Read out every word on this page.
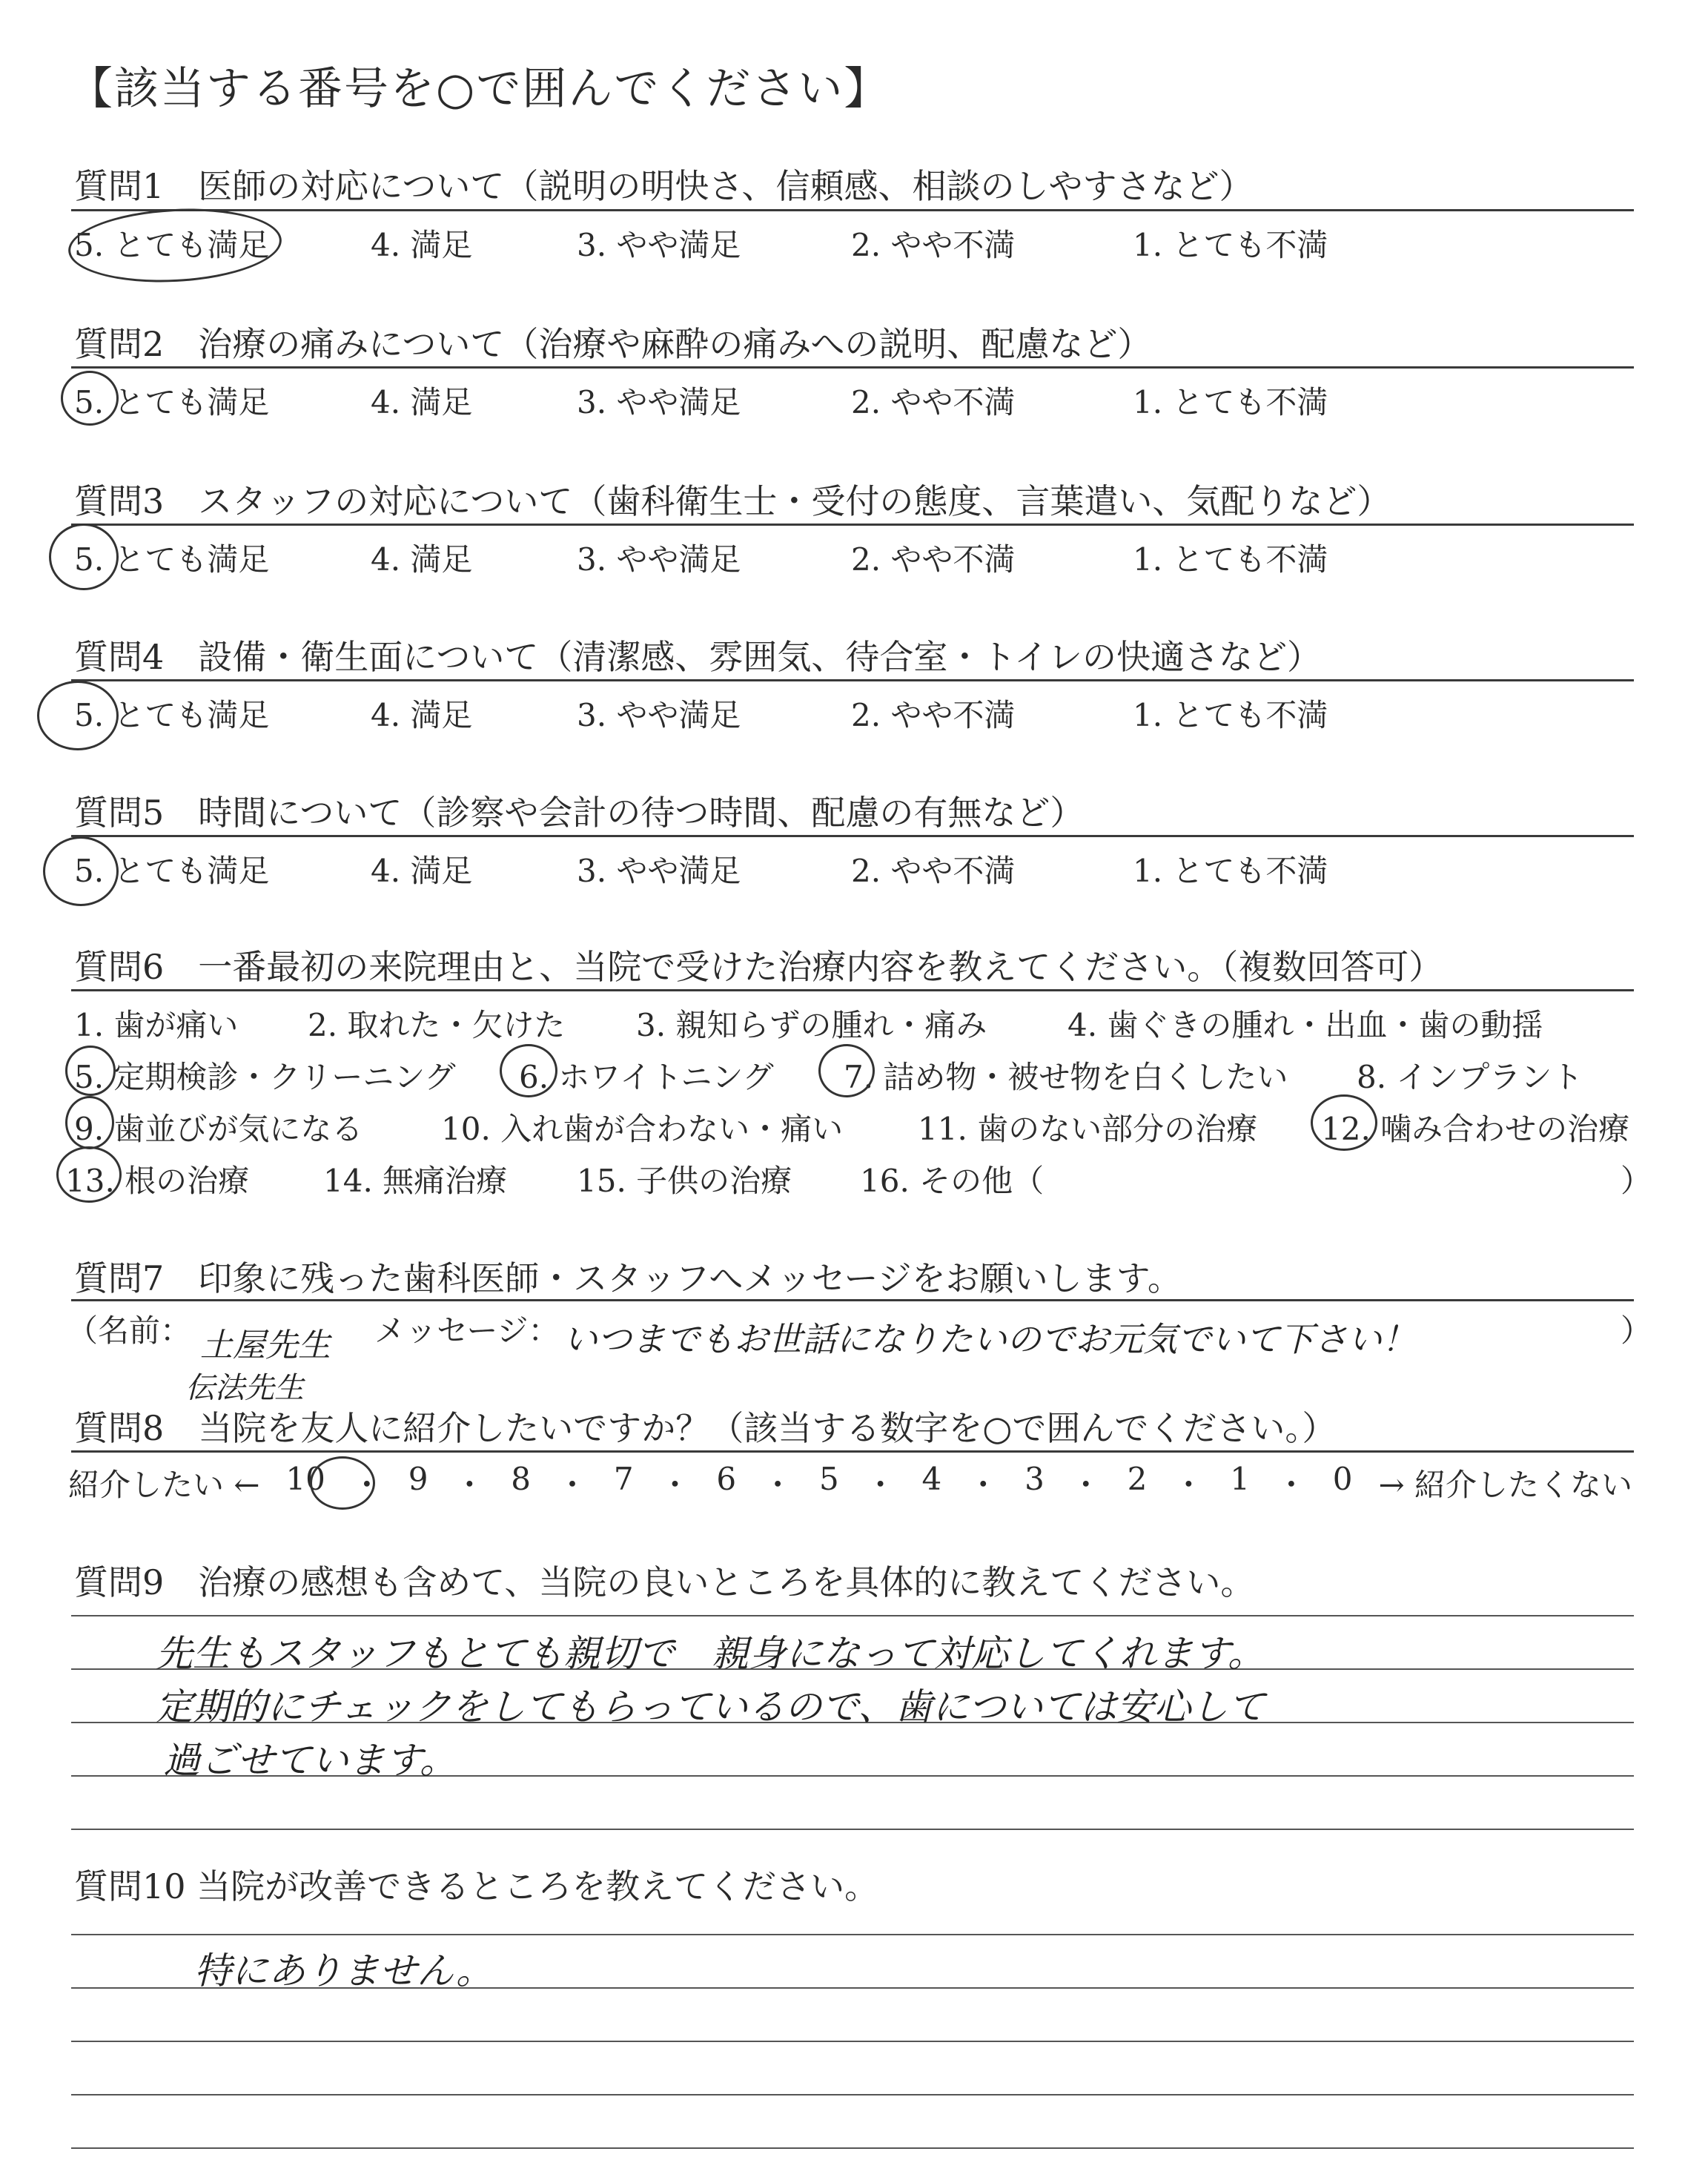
【該当する番号を○で囲んでください】
質問1　医師の対応について（説明の明快さ、信頼感、相談のしやすさなど）
5. とても満足	4. 満足	3. やや満足	2. やや不満	1. とても不満
質問2　治療の痛みについて（治療や麻酔の痛みへの説明、配慮など）
5. とても満足	4. 満足	3. やや満足	2. やや不満	1. とても不満
質問3　スタッフの対応について（歯科衛生士・受付の態度、言葉遣い、気配りなど）
5. とても満足	4. 満足	3. やや満足	2. やや不満	1. とても不満
質問4　設備・衛生面について（清潔感、雰囲気、待合室・トイレの快適さなど）
5. とても満足	4. 満足	3. やや満足	2. やや不満	1. とても不満
質問5　時間について（診察や会計の待つ時間、配慮の有無など）
5. とても満足	4. 満足	3. やや満足	2. やや不満	1. とても不満
質問6　一番最初の来院理由と、当院で受けた治療内容を教えてください。（複数回答可）
1. 歯が痛い 2. 取れた・欠けた 3. 親知らずの腫れ・痛み	4. 歯ぐきの腫れ・出血・歯の動揺
5. 定期検診・クリーニング 6. ホワイトニング 7. 詰め物・被せ物を白くしたい 8. インプラント
9. 歯並びが気になる	10. 入れ歯が合わない・痛い 11. 歯のない部分の治療 12. 噛み合わせの治療
13. 根の治療 14. 無痛治療 15. 子供の治療 16. その他（	）
質問7　印象に残った歯科医師・スタッフへメッセージをお願いします。
（名前：	メッセージ：	）
土屋先生
伝法先生
いつまでもお世話になりたいのでお元気でいて下さい！
質問8　当院を友人に紹介したいですか？（該当する数字を○で囲んでください。）
紹介したい ← 10 ・ 9 ・ 8 ・ 7 ・ 6 ・ 5 ・ 4 ・ 3 ・ 2 ・ 1 ・ 0 → 紹介したくない
質問9　治療の感想も含めて、当院の良いところを具体的に教えてください。
先生もスタッフもとても親切で　親身になって対応してくれます。
定期的にチェックをしてもらっているので、歯については安心して
過ごせています。
質問10 当院が改善できるところを教えてください。
特にありません。
